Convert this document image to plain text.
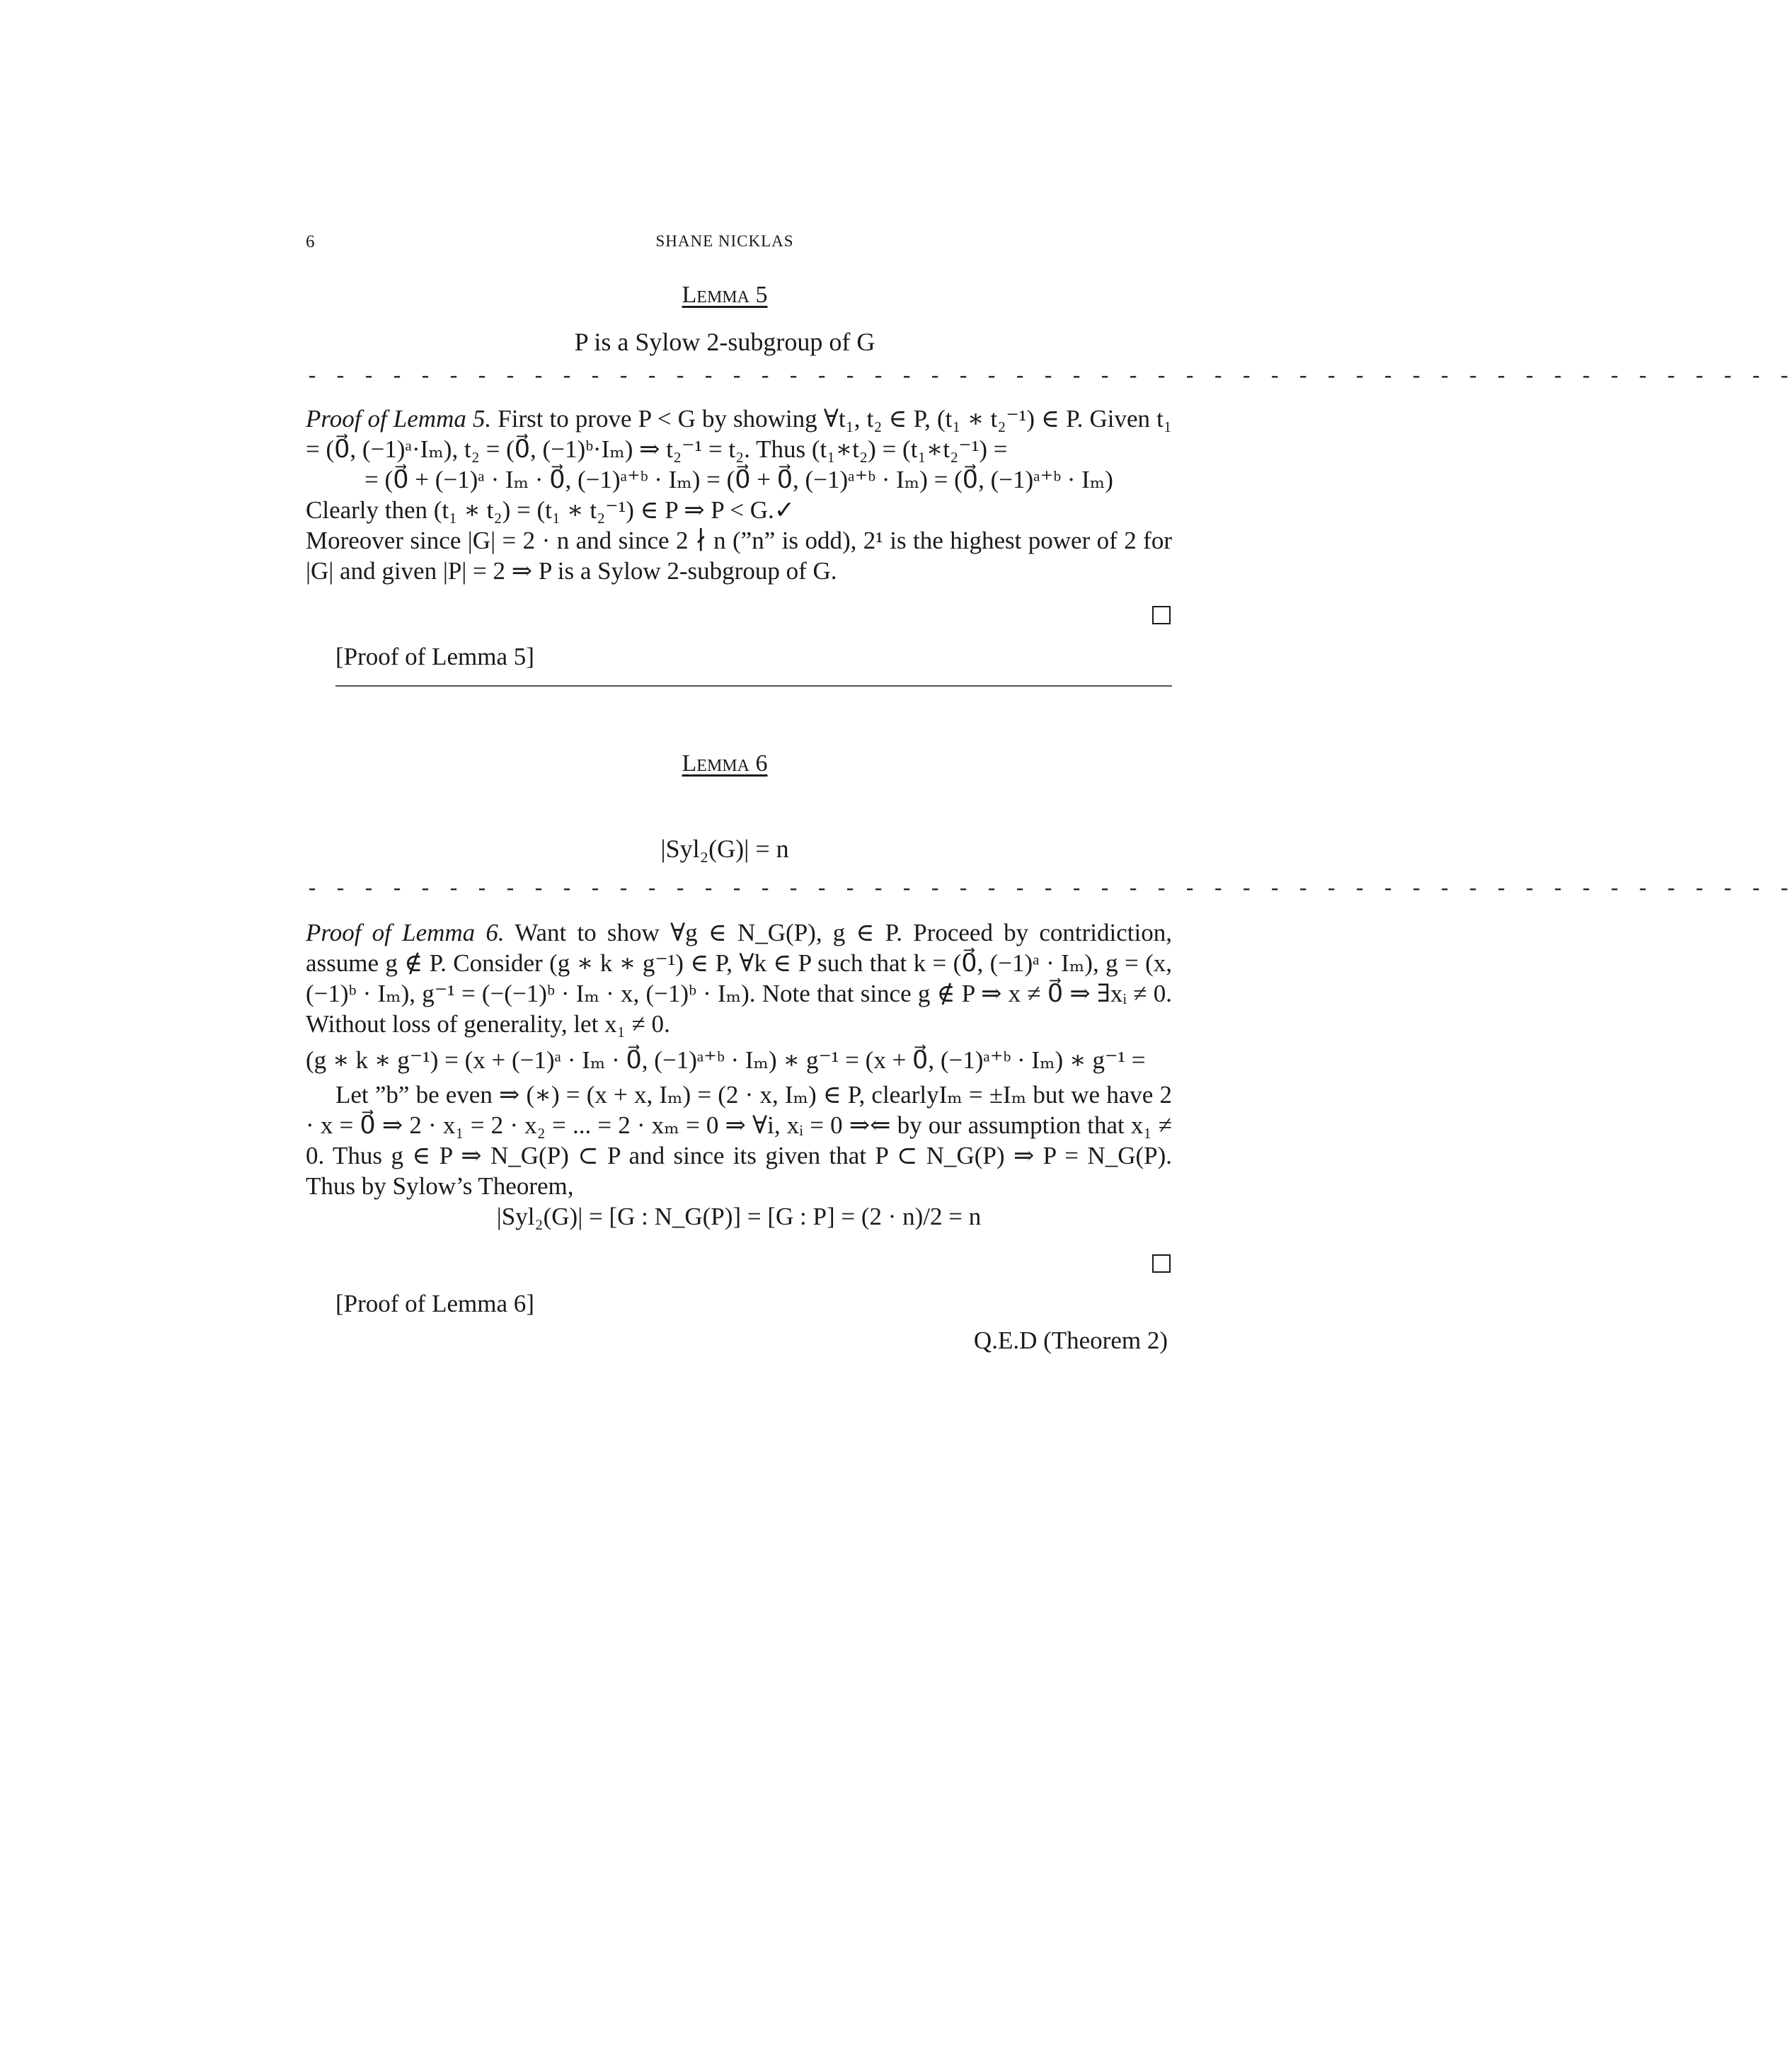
6	SHANE NICKLAS
Lemma 5
P is a Sylow 2-subgroup of G
- - - - - - - - - - - - - - - - - - - - - - - - - - - - - - - - - - - - - - - - - - - - - - - - - - - - -

Proof of Lemma 5. First to prove P < G by showing ∀t₁, t₂ ∈ P, (t₁ ∗ t₂⁻¹) ∈ P. Given t₁ = (0⃗, (−1)ᵃ·Iₘ), t₂ = (0⃗, (−1)ᵇ·Iₘ) ⇒ t₂⁻¹ = t₂. Thus (t₁∗t₂) = (t₁∗t₂⁻¹) =

= (0⃗ + (−1)ᵃ · Iₘ · 0⃗, (−1)ᵃ⁺ᵇ · Iₘ) = (0⃗ + 0⃗, (−1)ᵃ⁺ᵇ · Iₘ) = (0⃗, (−1)ᵃ⁺ᵇ · Iₘ)

Clearly then (t₁ ∗ t₂) = (t₁ ∗ t₂⁻¹) ∈ P ⇒ P < G.✓

Moreover since |G| = 2 · n and since 2 ∤ n (”n” is odd), 2¹ is the highest power of 2 for |G| and given |P| = 2 ⇒ P is a Sylow 2-subgroup of G.

[Proof of Lemma 5]
Lemma 6
|Syl₂(G)| = n
- - - - - - - - - - - - - - - - - - - - - - - - - - - - - - - - - - - - - - - - - - - - - - - - - - - - -

Proof of Lemma 6. Want to show ∀g ∈ N_G(P), g ∈ P. Proceed by contridiction, assume g ∉ P. Consider (g ∗ k ∗ g⁻¹) ∈ P, ∀k ∈ P such that k = (0⃗, (−1)ᵃ · Iₘ), g = (x, (−1)ᵇ · Iₘ), g⁻¹ = (−(−1)ᵇ · Iₘ · x, (−1)ᵇ · Iₘ). Note that since g ∉ P ⇒ x ≠ 0⃗ ⇒ ∃xᵢ ≠ 0. Without loss of generality, let x₁ ≠ 0.

(g ∗ k ∗ g⁻¹) = (x + (−1)ᵃ · Iₘ · 0⃗, (−1)ᵃ⁺ᵇ · Iₘ) ∗ g⁻¹ = (x + 0⃗, (−1)ᵃ⁺ᵇ · Iₘ) ∗ g⁻¹ =

Let ”b” be even ⇒ (∗) = (x + x, Iₘ) = (2 · x, Iₘ) ∈ P, clearlyIₘ = ±Iₘ but we have 2 · x = 0⃗ ⇒ 2 · x₁ = 2 · x₂ = ... = 2 · xₘ = 0 ⇒ ∀i, xᵢ = 0 ⇒⇐ by our assumption that x₁ ≠ 0. Thus g ∈ P ⇒ N_G(P) ⊂ P and since its given that P ⊂ N_G(P) ⇒ P = N_G(P). Thus by Sylow’s Theorem,

|Syl₂(G)| = [G : N_G(P)] = [G : P] = (2 · n)/2 = n

[Proof of Lemma 6]
Q.E.D (Theorem 2)
